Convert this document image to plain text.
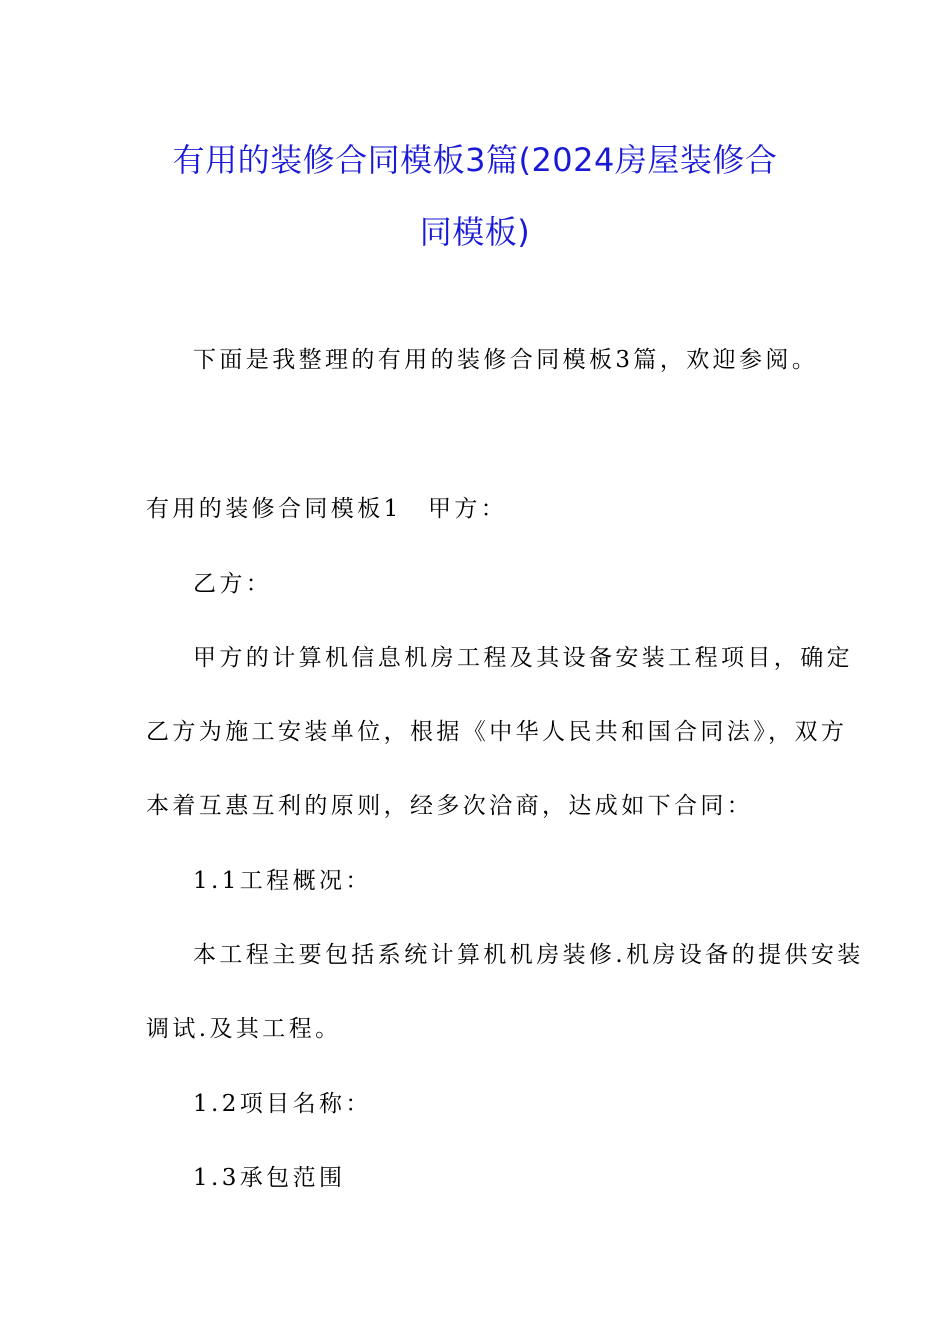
有用的装修合同模板3篇(2024房屋装修合
同模板)
下面是我整理的有用的装修合同模板3篇，欢迎参阅。
有用的装修合同模板1 甲方：
乙方：
甲方的计算机信息机房工程及其设备安装工程项目，确定
乙方为施工安装单位，根据《中华人民共和国合同法》，双方
本着互惠互利的原则，经多次洽商，达成如下合同：
1.1工程概况：
本工程主要包括系统计算机机房装修.机房设备的提供安装
调试.及其工程。
1.2项目名称：
1.3承包范围
